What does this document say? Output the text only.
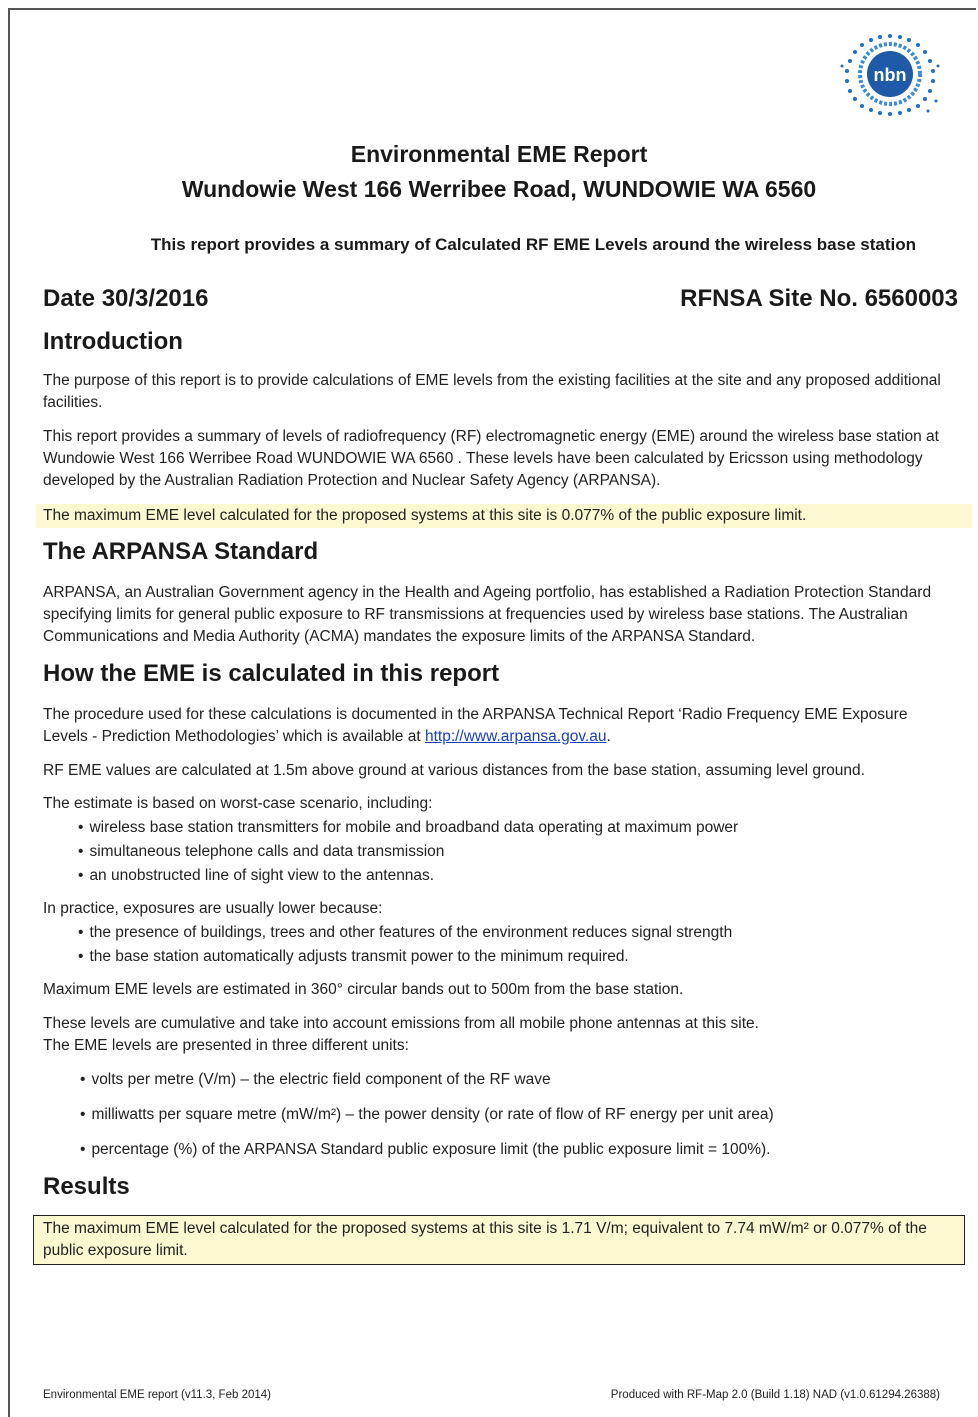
nbn
Environmental EME Report
Wundowie West 166 Werribee Road, WUNDOWIE WA 6560
This report provides a summary of Calculated RF EME Levels around the wireless base station
Date 30/3/2016	RFNSA Site No. 6560003
Introduction
The purpose of this report is to provide calculations of EME levels from the existing facilities at the site and any proposed additional facilities.
This report provides a summary of levels of radiofrequency (RF) electromagnetic energy (EME) around the wireless base station at Wundowie West 166 Werribee Road WUNDOWIE WA 6560 . These levels have been calculated by Ericsson using methodology developed by the Australian Radiation Protection and Nuclear Safety Agency (ARPANSA).
The maximum EME level calculated for the proposed systems at this site is 0.077% of the public exposure limit.
The ARPANSA Standard
ARPANSA, an Australian Government agency in the Health and Ageing portfolio, has established a Radiation Protection Standard specifying limits for general public exposure to RF transmissions at frequencies used by wireless base stations. The Australian Communications and Media Authority (ACMA) mandates the exposure limits of the ARPANSA Standard.
How the EME is calculated in this report
The procedure used for these calculations is documented in the ARPANSA Technical Report ‘Radio Frequency EME Exposure Levels - Prediction Methodologies’ which is available at http://www.arpansa.gov.au.
RF EME values are calculated at 1.5m above ground at various distances from the base station, assuming level ground.
The estimate is based on worst-case scenario, including:
• wireless base station transmitters for mobile and broadband data operating at maximum power
• simultaneous telephone calls and data transmission
• an unobstructed line of sight view to the antennas.
In practice, exposures are usually lower because:
• the presence of buildings, trees and other features of the environment reduces signal strength
• the base station automatically adjusts transmit power to the minimum required.
Maximum EME levels are estimated in 360° circular bands out to 500m from the base station.
These levels are cumulative and take into account emissions from all mobile phone antennas at this site.
The EME levels are presented in three different units:
• volts per metre (V/m) – the electric field component of the RF wave
• milliwatts per square metre (mW/m²) – the power density (or rate of flow of RF energy per unit area)
• percentage (%) of the ARPANSA Standard public exposure limit (the public exposure limit = 100%).
Results
The maximum EME level calculated for the proposed systems at this site is 1.71 V/m; equivalent to 7.74 mW/m² or 0.077% of the public exposure limit.
Environmental EME report (v11.3, Feb 2014)	Produced with RF-Map 2.0 (Build 1.18) NAD (v1.0.61294.26388)
